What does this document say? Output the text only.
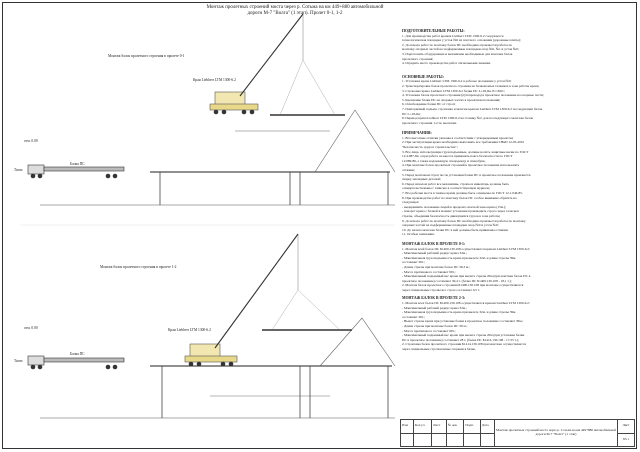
Монтаж пролетных строений моста через р. Сотьма на км 449+880 автомобильной дороги М-7 "Волга" (1 этап). Пролет 0-1, 1-2
Монтаж балок пролетного строения в пролете 0-1
Кран Liebherr LTM 1300-6.2
Тягач
Балка ПС
отм. 0.00
Монтаж балок пролетного строения в пролете 1-2
Кран Liebherr LTM 1300-6.2
Тягач
Балка ПС
отм. 0.00
ПОДГОТОВИТЕЛЬНЫЕ РАБОТЫ:
1. Для производства работ краном Liebherr LTM 1300-6.2 сооружается
технологическая площадка у устоя №0 из плотного основания (дорожные плиты);
2. До начала работ по монтажу балок ПС необходимо произвести работы по
монтажу опорных частей на подферменные площадки опор №0, №1 и устоя №0;
3. Подготовить оборудование и механизмы необходимые для монтажа балок
пролетного строения;
4. Оградить место производства работ сигнальными знаками.
ОСНОВНЫЕ РАБОТЫ:
1. Установка крана Liebherr LTM 1300-6.2 в рабочее положение у устоя №0;
2. Транспортировка балок пролетного строения на балковозных тележках к зоне работы крана;
3. Строповка крана Liebherr LTM 1300-6.2 балки ПС L=18,0м, Р=18,0т.;
4. Установка балок пролетного строения (путепровода) в проектное положение на опорные части;
5. Крепление балки ПС на опорных частях в проектном положении;
6. Освобождение балки ПС от строп;
7. Повторяемый подъем, строповка и монтаж краном Liebherr LTM 1300-6.2 последующих балок
ПС L=18,0м;
8. Перевод крана Liebherr LTM 1300-6.2 на стоянку №2, для последующего монтажа балок
пролетного строения 1-2 по аналогии.
ПРИМЕЧАНИЯ:
1. Все высотные отметки указаны в соответствии с утвержденным проектом;
2. При эксплуатации крана необходимо выполнять все требования СНиП 12-03-2001
"Безопасность труда в строительстве";
3. Все лица, использующие грузоподъемные, должны носить защитные каски по ГОСТ
12.4.087-84, а при работе на высоте применять пояса безопасности по ГОСТ
12.089-86, а также надлежащую спецодежду и спецобувь;
4. При монтаже балок пролетных строений в проектное положение использовать
оттяжки;
5. Перед монтажом строп после установки балки ПС в проектное положение произвести
сварку закладных деталей;
6. Перед началом работ все механизмы, стропы и инвентарь должны быть
освидетельствованы с записью в соответствующем журнале;
7. Все рабочие места в темное время должны быть освещены по ГОСТ 12.1.046-85.
8. При производстве работ по монтажу балок ПС особое внимание обратить на
следующее:
- выдерживать положение людей в пределах опасной зоны крана (15м.);
- поворот крана с балкой в момент установки производить строго через телескоп
стрелы, объединив безопасность движущихся грузов в зоне работы;
9. До начала работ по монтажу балок ПС необходимо произвести работы по монтажу
опорных частей на подферменные площадки опор №0 и устоя №0;
10. До начала монтажа балки ПС к ней должны быть привязаны оттяжки;
11. Особые замечания.
МОНТАЖ БАЛОК В ПРОЛЕТЕ 0-1:
1. Монтаж всей балок ПС Б1400.130.108 осуществляется краном Liebherr LTM 1300-6.2:
- Максимальный рабочий радиус крана 32м.;
- Максимальная грузоподъемность крана при вылете 32м. и длине стрелы 39м.
составляет 26т.;
- Длина стрелы при монтаже балок ПС 39,3 м.;
- Масса противовеса составляет 90т.;
- Максимальный подъемный вес крана при вылете стрелы 20м (при монтаже балок ПС в
проектное положение) составляет 39,4 т. (балка ПС Б1400.130.108 - 18,1 т.);
2. Монтаж балок пролетного строения Б1400.130.108 при монтаже осуществляются
через специальные стропы вес строп составляет 0,5 т.
МОНТАЖ БАЛОК В ПРОЛЕТЕ 2-3:
1. Монтаж всех балок ПС Б1400.130.108 осуществляется краном Liebherr LTM 1300-6.2:
- Максимальный рабочий радиус крана 32м.;
- Максимальная грузоподъемность крана при вылете 32м. и длине стрелы 39м.
составляет 26т.;
- Вылет стрелы крана при установке балки в проектное положение составляет 39м.;
- Длина стрелы при монтаже балок ПС 39 м.;
- Масса противовеса составляет 90т.;
- Максимальный подъемный вес крана при вылете стрелы 20м (при установке балки
ПС в проектное положение) составляет 28 т. (балка ПС Б1414.130.108 - 17,35 т.);
2. Строповка балок пролетного строения Б1414.130.108 при монтаже осуществляется
через специальные строповочные стержни в балке.
Изм	Кол.уч	Лист	№ док	Подп.	Дата	Монтаж пролетных строений моста через р. Сотьма на км 449+880 автомобильной дороги М-7 "Волга" (1 этап)	Лист
							83.1
